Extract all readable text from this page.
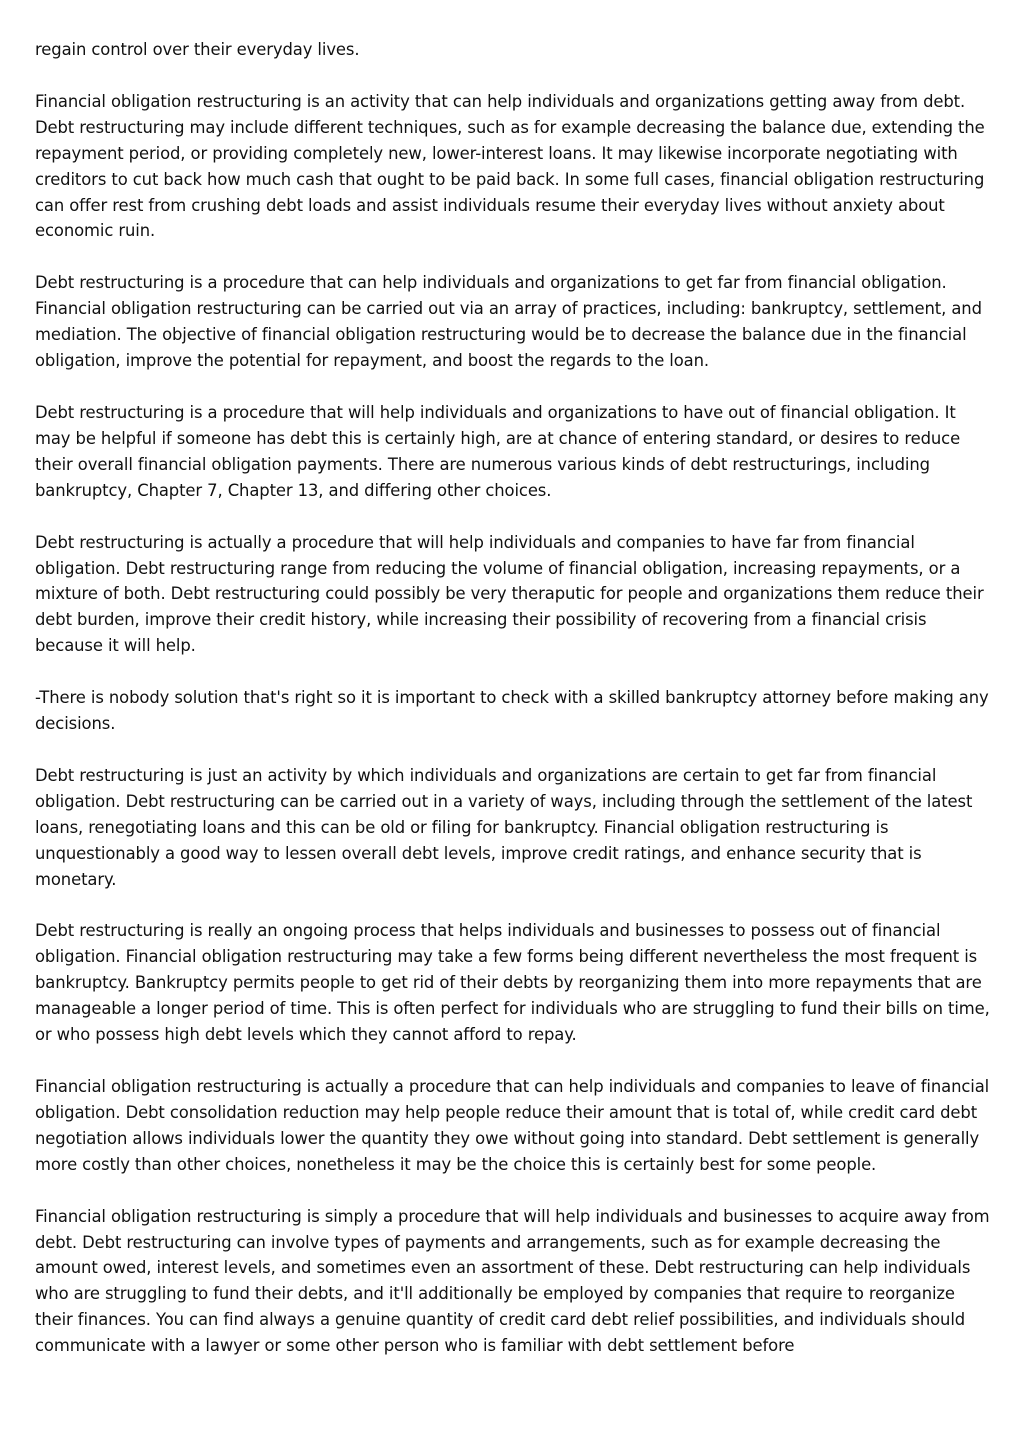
regain control over their everyday lives.

Financial obligation restructuring is an activity that can help individuals and organizations getting away from debt. Debt restructuring may include different techniques, such as for example decreasing the balance due, extending the repayment period, or providing completely new, lower-interest loans. It may likewise incorporate negotiating with creditors to cut back how much cash that ought to be paid back. In some full cases, financial obligation restructuring can offer rest from crushing debt loads and assist individuals resume their everyday lives without anxiety about economic ruin.

Debt restructuring is a procedure that can help individuals and organizations to get far from financial obligation. Financial obligation restructuring can be carried out via an array of practices, including: bankruptcy, settlement, and mediation. The objective of financial obligation restructuring would be to decrease the balance due in the financial obligation, improve the potential for repayment, and boost the regards to the loan.

Debt restructuring is a procedure that will help individuals and organizations to have out of financial obligation. It may be helpful if someone has debt this is certainly high, are at chance of entering standard, or desires to reduce their overall financial obligation payments. There are numerous various kinds of debt restructurings, including bankruptcy, Chapter 7, Chapter 13, and differing other choices.

Debt restructuring is actually a procedure that will help individuals and companies to have far from financial obligation. Debt restructuring range from reducing the volume of financial obligation, increasing repayments, or a mixture of both. Debt restructuring could possibly be very theraputic for people and organizations them reduce their debt burden, improve their credit history, while increasing their possibility of recovering from a financial crisis because it will help.

-There is nobody solution that's right so it is important to check with a skilled bankruptcy attorney before making any decisions.

Debt restructuring is just an activity by which individuals and organizations are certain to get far from financial obligation. Debt restructuring can be carried out in a variety of ways, including through the settlement of the latest loans, renegotiating loans and this can be old or filing for bankruptcy. Financial obligation restructuring is unquestionably a good way to lessen overall debt levels, improve credit ratings, and enhance security that is monetary.

Debt restructuring is really an ongoing process that helps individuals and businesses to possess out of financial obligation. Financial obligation restructuring may take a few forms being different nevertheless the most frequent is bankruptcy. Bankruptcy permits people to get rid of their debts by reorganizing them into more repayments that are manageable a longer period of time. This is often perfect for individuals who are struggling to fund their bills on time, or who possess high debt levels which they cannot afford to repay.

Financial obligation restructuring is actually a procedure that can help individuals and companies to leave of financial obligation. Debt consolidation reduction may help people reduce their amount that is total of, while credit card debt negotiation allows individuals lower the quantity they owe without going into standard. Debt settlement is generally more costly than other choices, nonetheless it may be the choice this is certainly best for some people.

Financial obligation restructuring is simply a procedure that will help individuals and businesses to acquire away from debt. Debt restructuring can involve types of payments and arrangements, such as for example decreasing the amount owed, interest levels, and sometimes even an assortment of these. Debt restructuring can help individuals who are struggling to fund their debts, and it'll additionally be employed by companies that require to reorganize their finances. You can find always a genuine quantity of credit card debt relief possibilities, and individuals should communicate with a lawyer or some other person who is familiar with debt settlement before
